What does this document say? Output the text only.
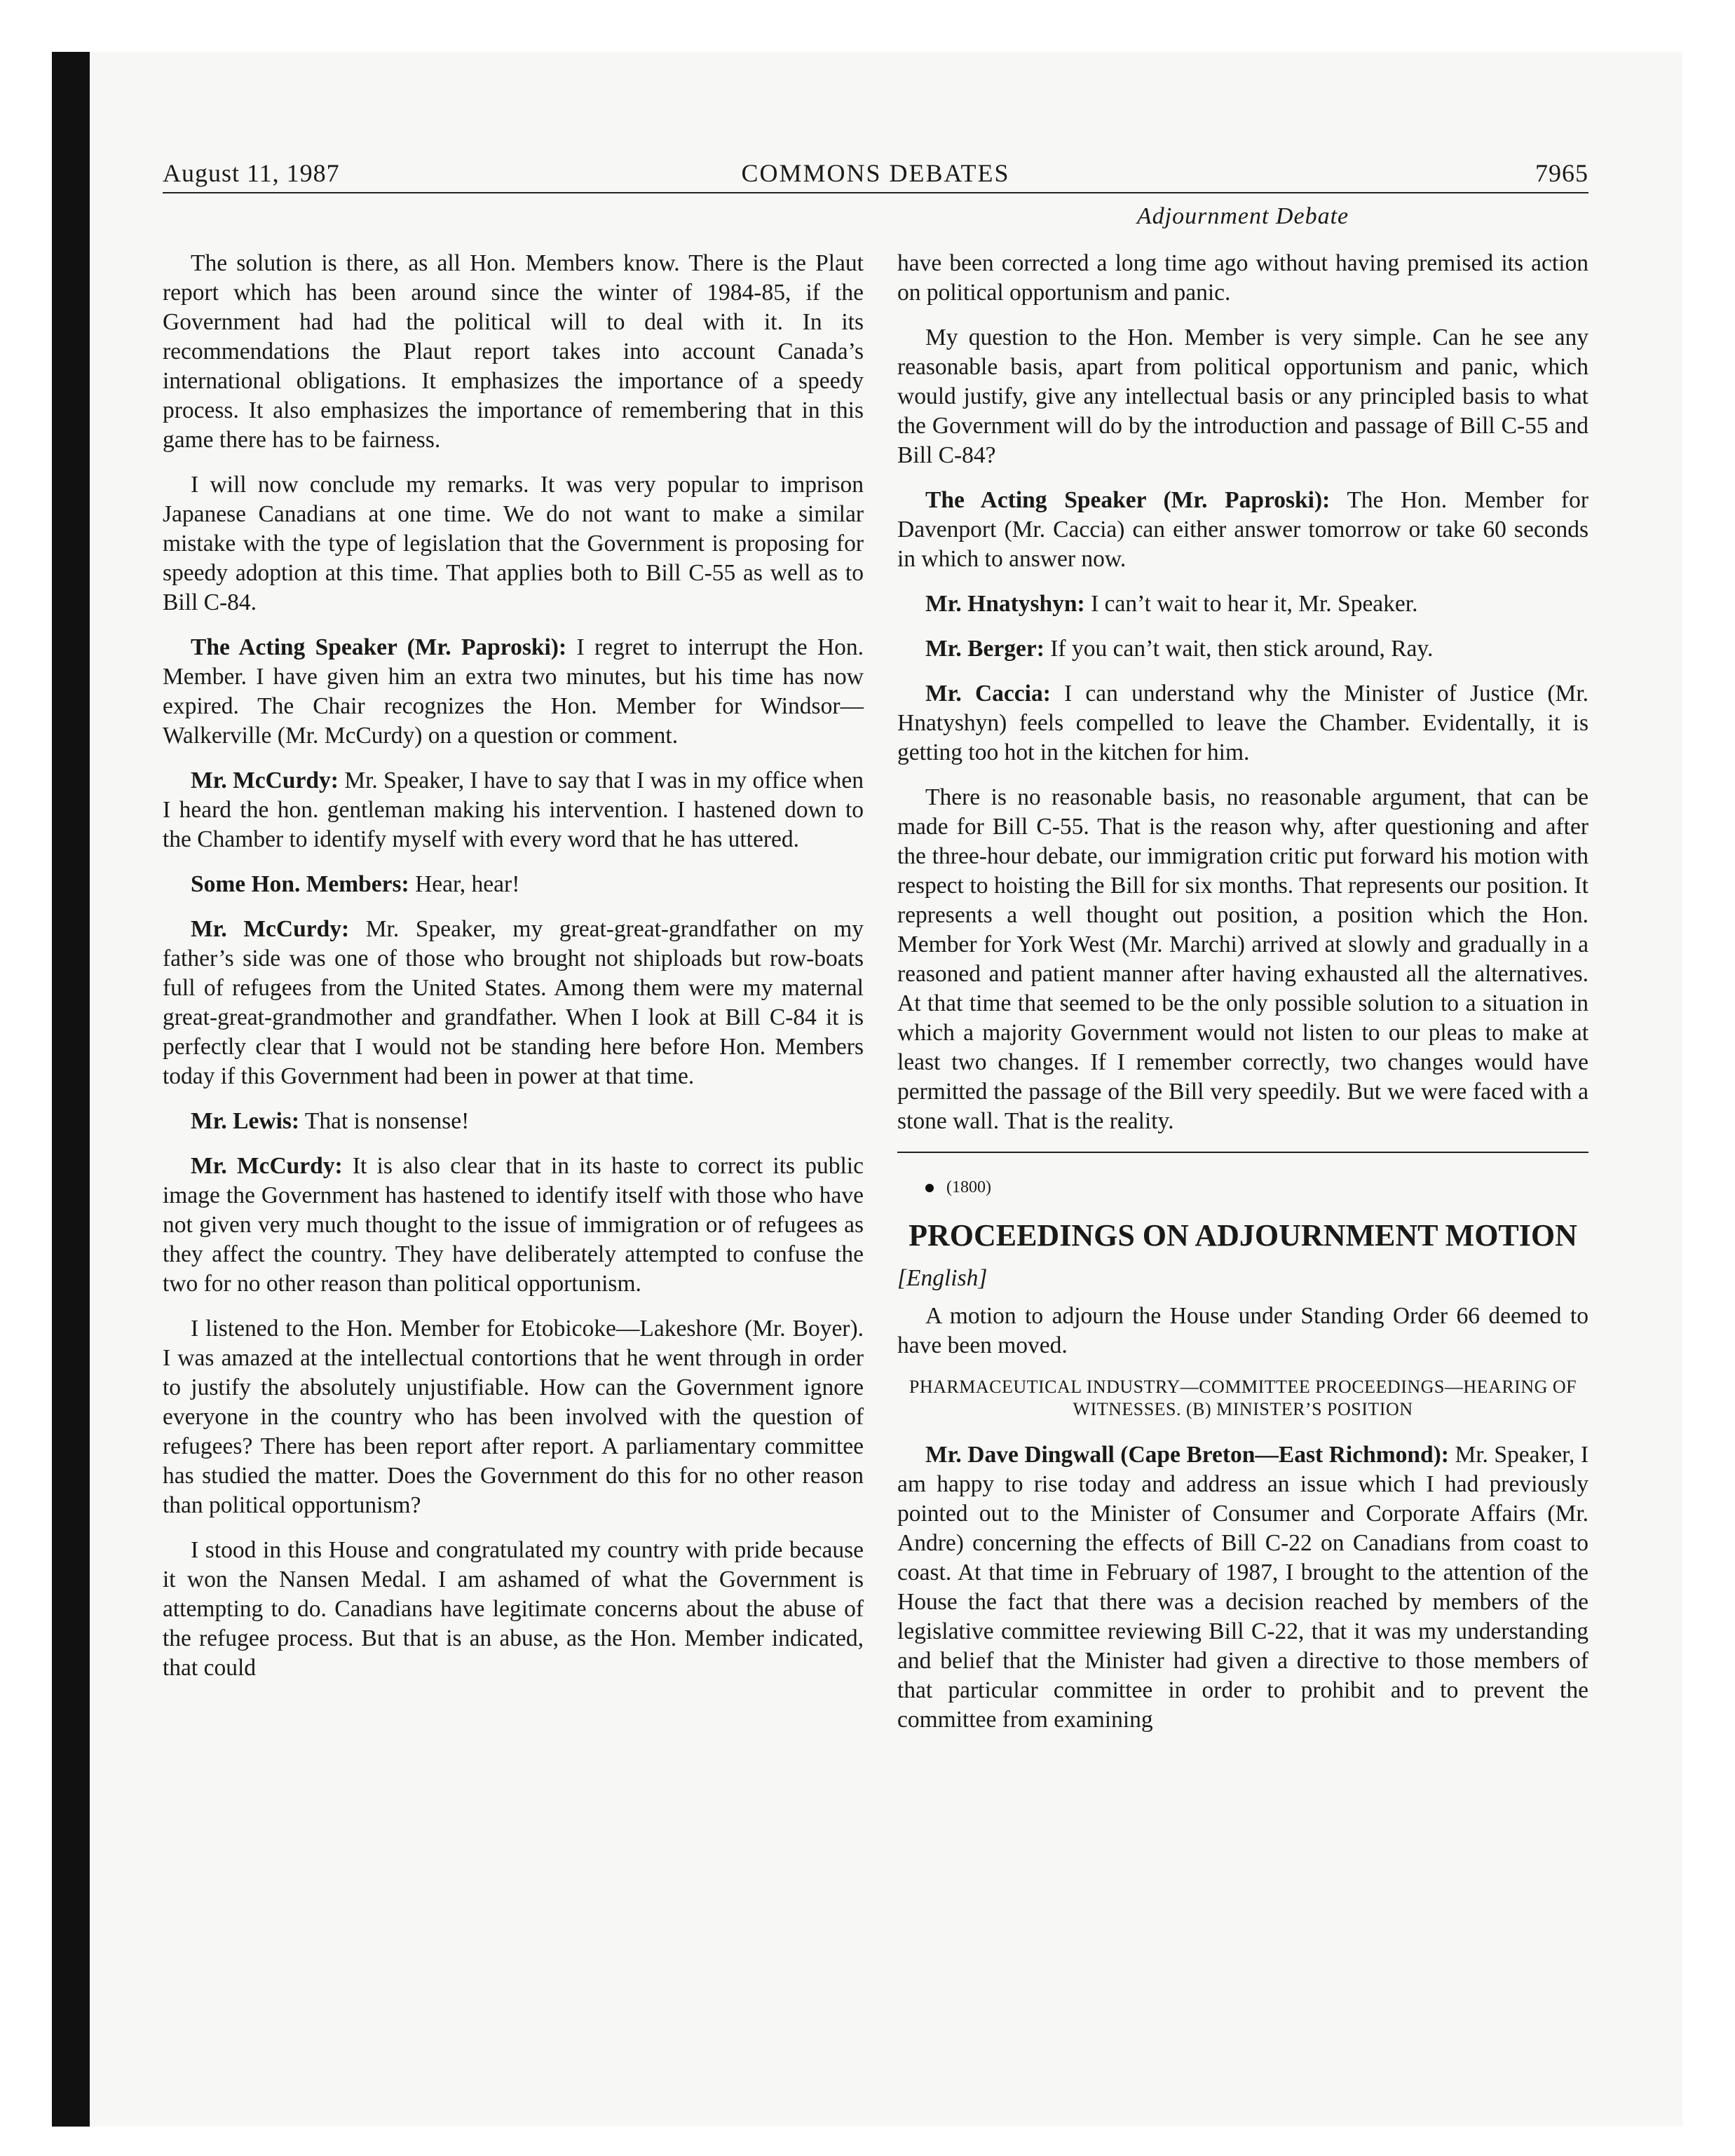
August 11, 1987	COMMONS DEBATES	7965
Adjournment Debate

The solution is there, as all Hon. Members know. There is the Plaut report which has been around since the winter of 1984-85, if the Government had had the political will to deal with it. In its recommendations the Plaut report takes into account Canada’s international obligations. It emphasizes the importance of a speedy process. It also emphasizes the importance of remembering that in this game there has to be fairness.

I will now conclude my remarks. It was very popular to imprison Japanese Canadians at one time. We do not want to make a similar mistake with the type of legislation that the Government is proposing for speedy adoption at this time. That applies both to Bill C-55 as well as to Bill C-84.

The Acting Speaker (Mr. Paproski): I regret to interrupt the Hon. Member. I have given him an extra two minutes, but his time has now expired. The Chair recognizes the Hon. Member for Windsor—Walkerville (Mr. McCurdy) on a question or comment.

Mr. McCurdy: Mr. Speaker, I have to say that I was in my office when I heard the hon. gentleman making his intervention. I hastened down to the Chamber to identify myself with every word that he has uttered.

Some Hon. Members: Hear, hear!

Mr. McCurdy: Mr. Speaker, my great-great-grandfather on my father’s side was one of those who brought not shiploads but row-boats full of refugees from the United States. Among them were my maternal great-great-grandmother and grandfather. When I look at Bill C-84 it is perfectly clear that I would not be standing here before Hon. Members today if this Government had been in power at that time.

Mr. Lewis: That is nonsense!

Mr. McCurdy: It is also clear that in its haste to correct its public image the Government has hastened to identify itself with those who have not given very much thought to the issue of immigration or of refugees as they affect the country. They have deliberately attempted to confuse the two for no other reason than political opportunism.

I listened to the Hon. Member for Etobicoke—Lakeshore (Mr. Boyer). I was amazed at the intellectual contortions that he went through in order to justify the absolutely unjustifiable. How can the Government ignore everyone in the country who has been involved with the question of refugees? There has been report after report. A parliamentary committee has studied the matter. Does the Government do this for no other reason than political opportunism?

I stood in this House and congratulated my country with pride because it won the Nansen Medal. I am ashamed of what the Government is attempting to do. Canadians have legitimate concerns about the abuse of the refugee process. But that is an abuse, as the Hon. Member indicated, that could

have been corrected a long time ago without having premised its action on political opportunism and panic.

My question to the Hon. Member is very simple. Can he see any reasonable basis, apart from political opportunism and panic, which would justify, give any intellectual basis or any principled basis to what the Government will do by the introduction and passage of Bill C-55 and Bill C-84?

The Acting Speaker (Mr. Paproski): The Hon. Member for Davenport (Mr. Caccia) can either answer tomorrow or take 60 seconds in which to answer now.

Mr. Hnatyshyn: I can’t wait to hear it, Mr. Speaker.

Mr. Berger: If you can’t wait, then stick around, Ray.

Mr. Caccia: I can understand why the Minister of Justice (Mr. Hnatyshyn) feels compelled to leave the Chamber. Evidentally, it is getting too hot in the kitchen for him.

There is no reasonable basis, no reasonable argument, that can be made for Bill C-55. That is the reason why, after questioning and after the three-hour debate, our immigration critic put forward his motion with respect to hoisting the Bill for six months. That represents our position. It represents a well thought out position, a position which the Hon. Member for York West (Mr. Marchi) arrived at slowly and gradually in a reasoned and patient manner after having exhausted all the alternatives. At that time that seemed to be the only possible solution to a situation in which a majority Government would not listen to our pleas to make at least two changes. If I remember correctly, two changes would have permitted the passage of the Bill very speedily. But we were faced with a stone wall. That is the reality.

(1800)

PROCEEDINGS ON ADJOURNMENT MOTION

[English]

A motion to adjourn the House under Standing Order 66 deemed to have been moved.

PHARMACEUTICAL INDUSTRY—COMMITTEE PROCEEDINGS—HEARING OF WITNESSES. (B) MINISTER’S POSITION

Mr. Dave Dingwall (Cape Breton—East Richmond): Mr. Speaker, I am happy to rise today and address an issue which I had previously pointed out to the Minister of Consumer and Corporate Affairs (Mr. Andre) concerning the effects of Bill C-22 on Canadians from coast to coast. At that time in February of 1987, I brought to the attention of the House the fact that there was a decision reached by members of the legislative committee reviewing Bill C-22, that it was my understanding and belief that the Minister had given a directive to those members of that particular committee in order to prohibit and to prevent the committee from examining
